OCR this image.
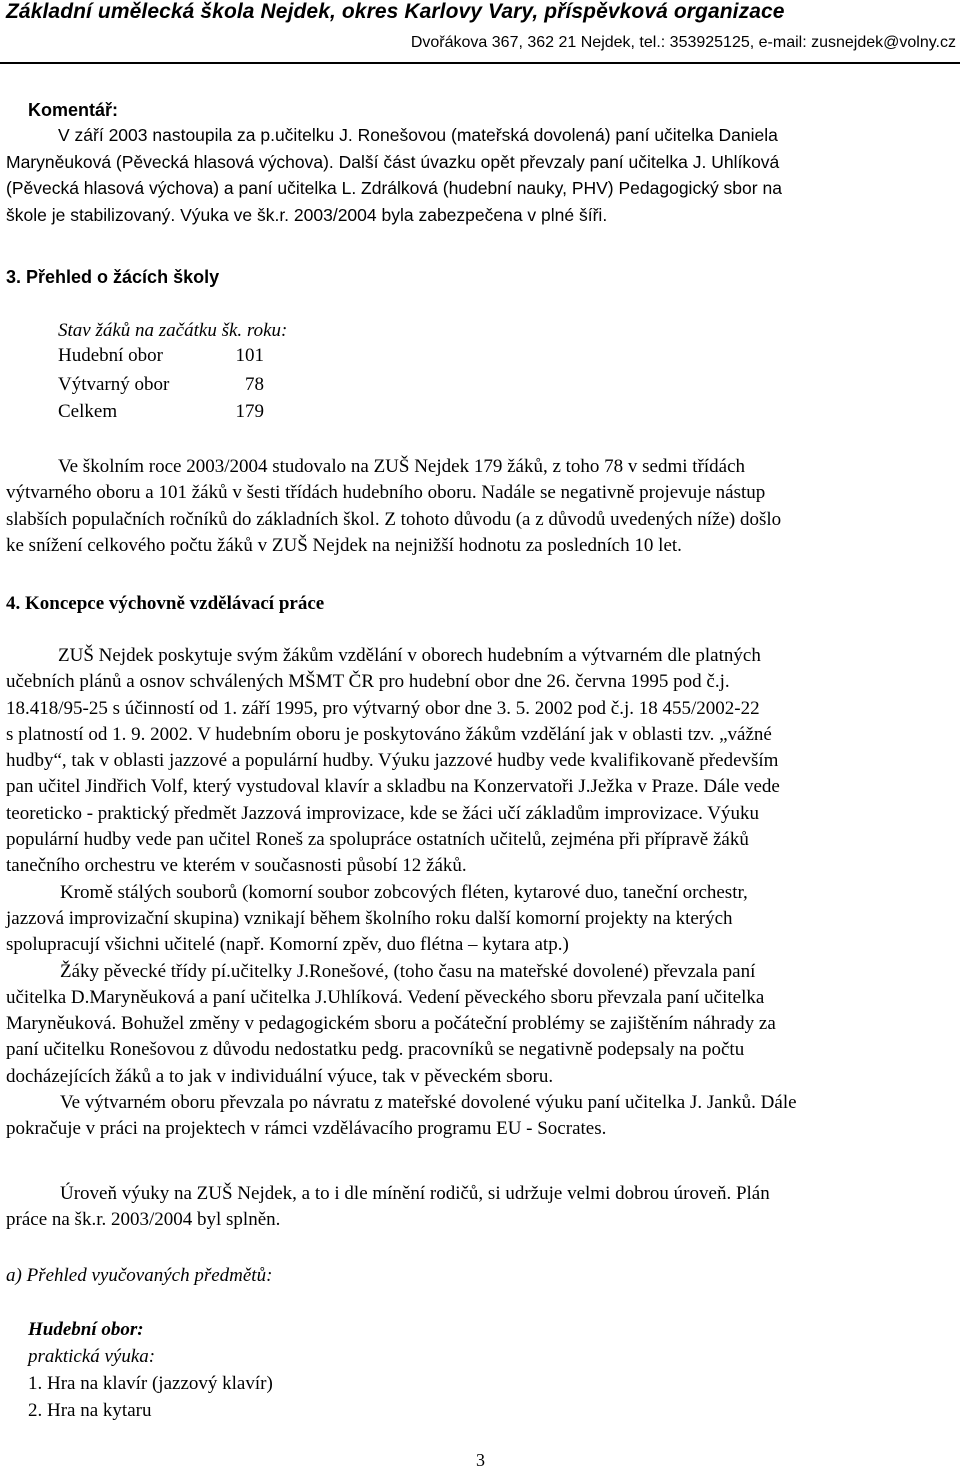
Základní umělecká škola Nejdek, okres Karlovy Vary, příspěvková organizace
Dvořákova 367, 362 21 Nejdek, tel.: 353925125, e-mail: zusnejdek@volny.cz
Komentář:
V září 2003 nastoupila za p.učitelku J. Ronešovou (mateřská dovolená) paní učitelka Daniela
Maryněuková (Pěvecká hlasová výchova). Další část úvazku opět převzaly paní učitelka J. Uhlíková
(Pěvecká hlasová výchova) a paní učitelka L. Zdrálková (hudební nauky, PHV) Pedagogický sbor na
škole je stabilizovaný. Výuka ve šk.r. 2003/2004 byla zabezpečena v plné šíři.
3. Přehled o žácích školy
Stav žáků na začátku šk. roku:
Hudební obor	101
Výtvarný obor	78
Celkem	179
Ve školním roce 2003/2004 studovalo na ZUŠ Nejdek 179 žáků, z toho 78 v sedmi třídách
výtvarného oboru a 101 žáků v šesti třídách hudebního oboru. Nadále se negativně projevuje nástup
slabších populačních ročníků do základních škol. Z tohoto důvodu (a z důvodů uvedených níže) došlo
ke snížení celkového počtu žáků v ZUŠ Nejdek na nejnižší hodnotu za posledních 10 let.
4. Koncepce výchovně vzdělávací práce
ZUŠ Nejdek poskytuje svým žákům vzdělání v oborech hudebním a výtvarném dle platných
učebních plánů a osnov schválených MŠMT ČR pro hudební obor dne 26. června 1995 pod č.j.
18.418/95-25 s účinností od 1. září 1995, pro výtvarný obor dne 3. 5. 2002 pod č.j. 18 455/2002-22
s platností od 1. 9. 2002. V hudebním oboru je poskytováno žákům vzdělání jak v oblasti tzv. „vážné
hudby“, tak v oblasti jazzové a populární hudby. Výuku jazzové hudby vede kvalifikovaně především
pan učitel Jindřich Volf, který vystudoval klavír a skladbu na Konzervatoři J.Ježka v Praze. Dále vede
teoreticko - praktický předmět Jazzová improvizace, kde se žáci učí základům improvizace. Výuku
populární hudby vede pan učitel Roneš za spolupráce ostatních učitelů, zejména při přípravě žáků
tanečního orchestru ve kterém v současnosti působí 12 žáků.
Kromě stálých souborů (komorní soubor zobcových fléten, kytarové duo, taneční orchestr,
jazzová improvizační skupina) vznikají během školního roku další komorní projekty na kterých
spolupracují všichni učitelé (např. Komorní zpěv, duo flétna – kytara atp.)
Žáky pěvecké třídy pí.učitelky J.Ronešové, (toho času na mateřské dovolené) převzala paní
učitelka D.Maryněuková a paní učitelka J.Uhlíková. Vedení pěveckého sboru převzala paní učitelka
Maryněuková. Bohužel změny v pedagogickém sboru a počáteční problémy se zajištěním náhrady za
paní učitelku Ronešovou z důvodu nedostatku pedg. pracovníků se negativně podepsaly na počtu
docházejících žáků a to jak v individuální výuce, tak v pěveckém sboru.
Ve výtvarném oboru převzala po návratu z mateřské dovolené výuku paní učitelka J. Janků. Dále
pokračuje v práci na projektech v rámci vzdělávacího programu EU - Socrates.
Úroveň výuky na ZUŠ Nejdek, a to i dle mínění rodičů, si udržuje velmi dobrou úroveň. Plán
práce na šk.r. 2003/2004 byl splněn.
a) Přehled vyučovaných předmětů:
Hudební obor:
praktická výuka:
1. Hra na klavír (jazzový klavír)
2. Hra na kytaru
3
